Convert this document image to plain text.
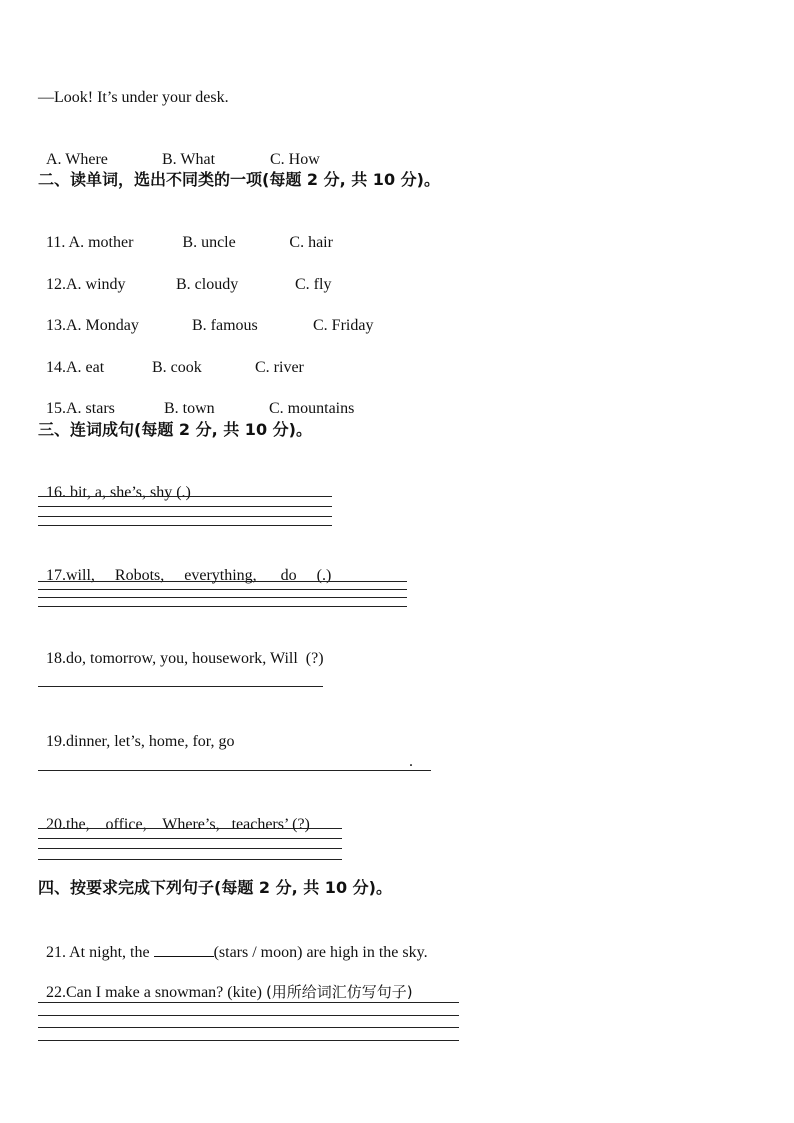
—Look! It’s under your desk.

A. Where	B. What	C. How

二、读单词，选出不同类的一项(每题 2 分, 共 10 分)。

11. A. mother	B. uncle	C. hair

12.A. windy	B. cloudy	C. fly

13.A. Monday	B. famous	C. Friday

14.A. eat	B. cook	C. river

15.A. stars	B. town	C. mountains

三、连词成句(每题 2 分, 共 10 分)。

16. bit, a, she’s, shy (.)

17.will,     Robots,     everything,      do     (.)

18.do, tomorrow, you, housework, Will  (?)

19.dinner, let’s, home, for, go

.

20.the,    office,    Where’s,   teachers’ (?)

四、按要求完成下列句子(每题 2 分, 共 10 分)。

21. At night, the	(stars / moon) are high in the sky.

22.Can I make a snowman? (kite) (用所给词汇仿写句子)
